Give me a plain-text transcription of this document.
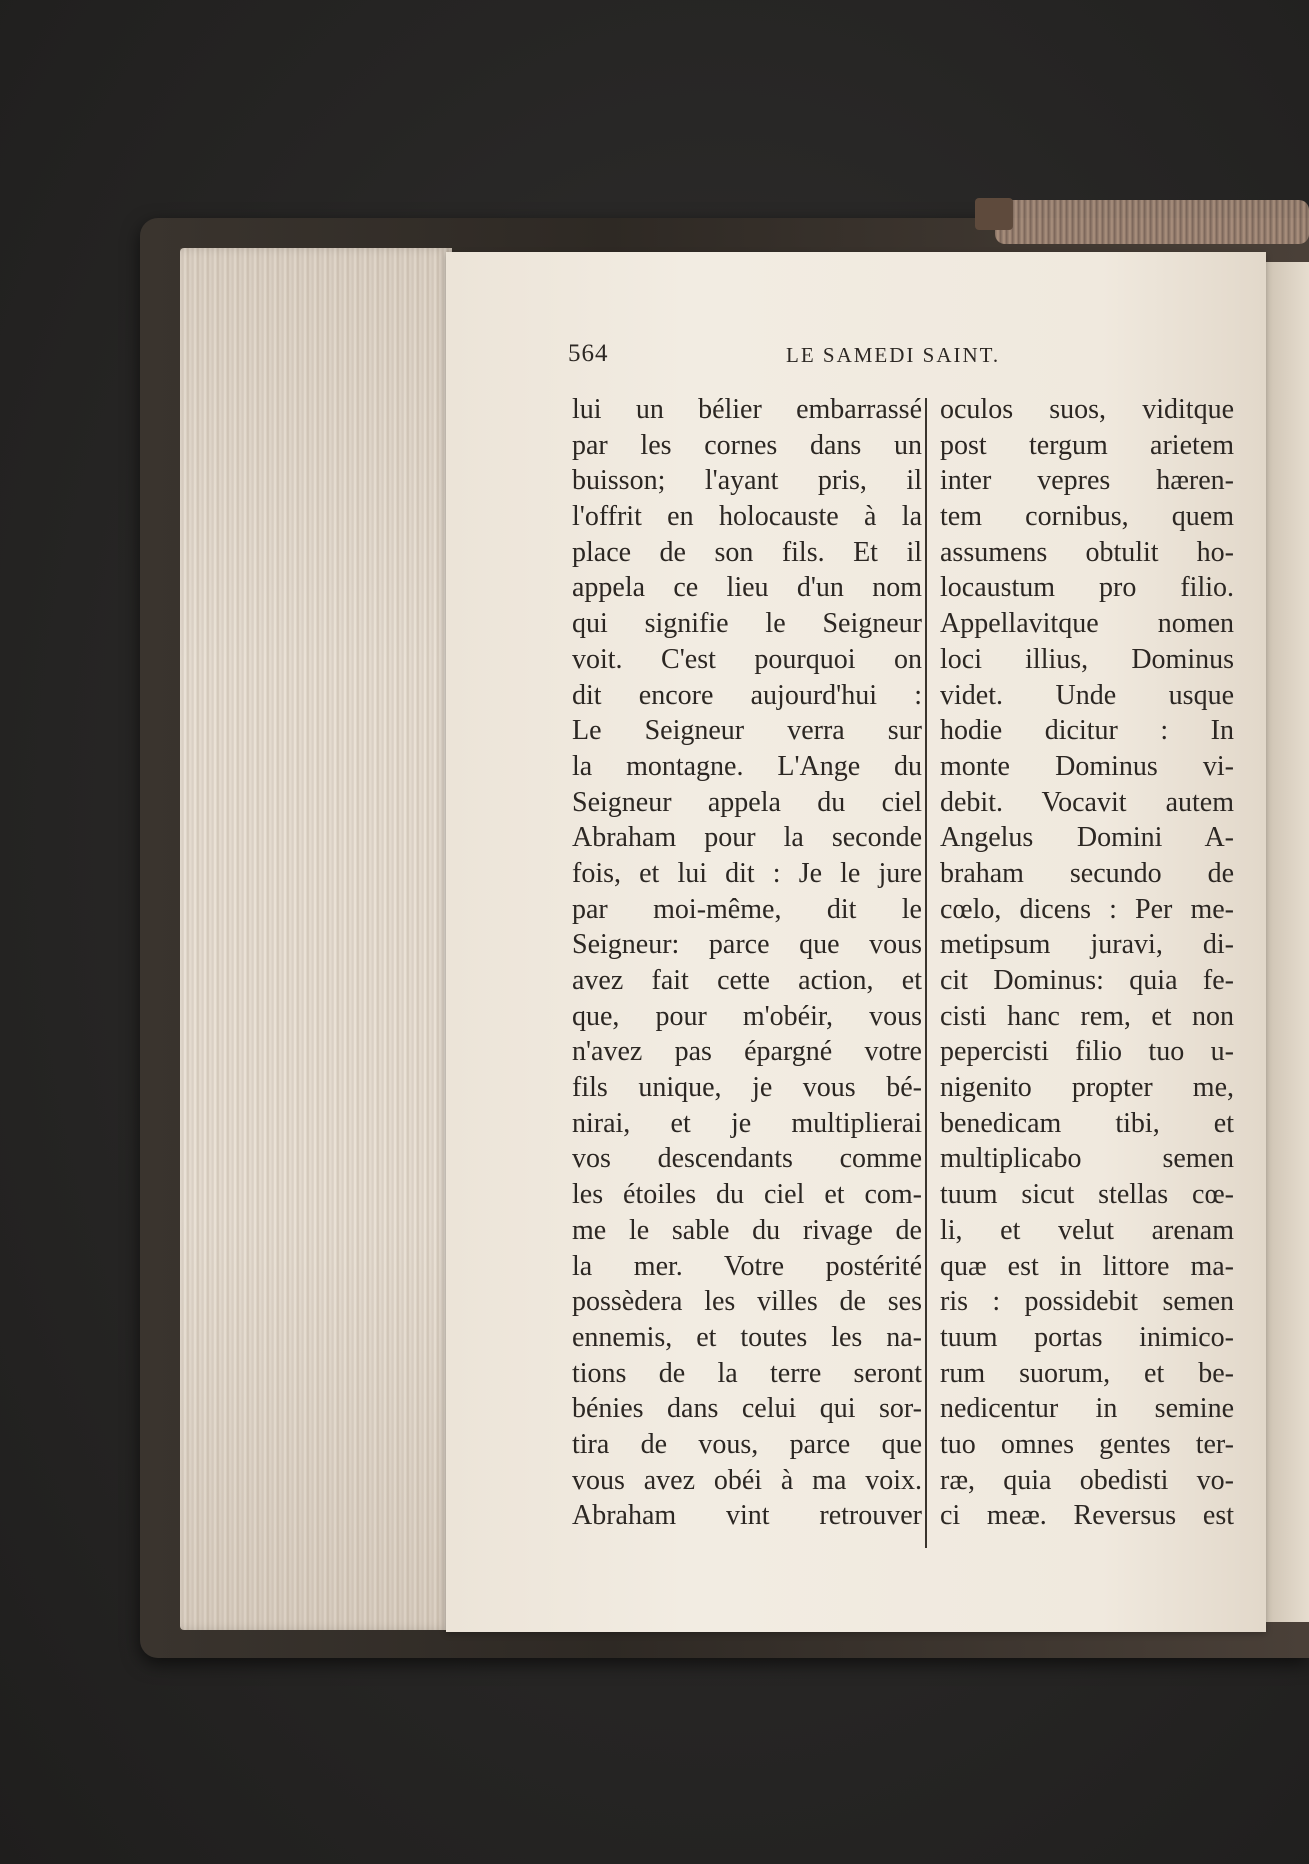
564	LE SAMEDI SAINT.
lui un bélier embarrassé
par les cornes dans un
buisson; l'ayant pris, il
l'offrit en holocauste à la
place de son fils. Et il
appela ce lieu d'un nom
qui signifie le Seigneur
voit. C'est pourquoi on
dit encore aujourd'hui :
Le Seigneur verra sur
la montagne. L'Ange du
Seigneur appela du ciel
Abraham pour la seconde
fois, et lui dit : Je le jure
par moi-même, dit le
Seigneur: parce que vous
avez fait cette action, et
que, pour m'obéir, vous
n'avez pas épargné votre
fils unique, je vous bé-
nirai, et je multiplierai
vos descendants comme
les étoiles du ciel et com-
me le sable du rivage de
la mer. Votre postérité
possèdera les villes de ses
ennemis, et toutes les na-
tions de la terre seront
bénies dans celui qui sor-
tira de vous, parce que
vous avez obéi à ma voix.
Abraham vint retrouver
oculos suos, viditque
post tergum arietem
inter vepres hæren-
tem cornibus, quem
assumens obtulit ho-
locaustum pro filio.
Appellavitque nomen
loci illius, Dominus
videt. Unde usque
hodie dicitur : In
monte Dominus vi-
debit. Vocavit autem
Angelus Domini A-
braham secundo de
cœlo, dicens : Per me-
metipsum juravi, di-
cit Dominus: quia fe-
cisti hanc rem, et non
pepercisti filio tuo u-
nigenito propter me,
benedicam tibi, et
multiplicabo semen
tuum sicut stellas cœ-
li, et velut arenam
quæ est in littore ma-
ris : possidebit semen
tuum portas inimico-
rum suorum, et be-
nedicentur in semine
tuo omnes gentes ter-
ræ, quia obedisti vo-
ci meæ. Reversus est
